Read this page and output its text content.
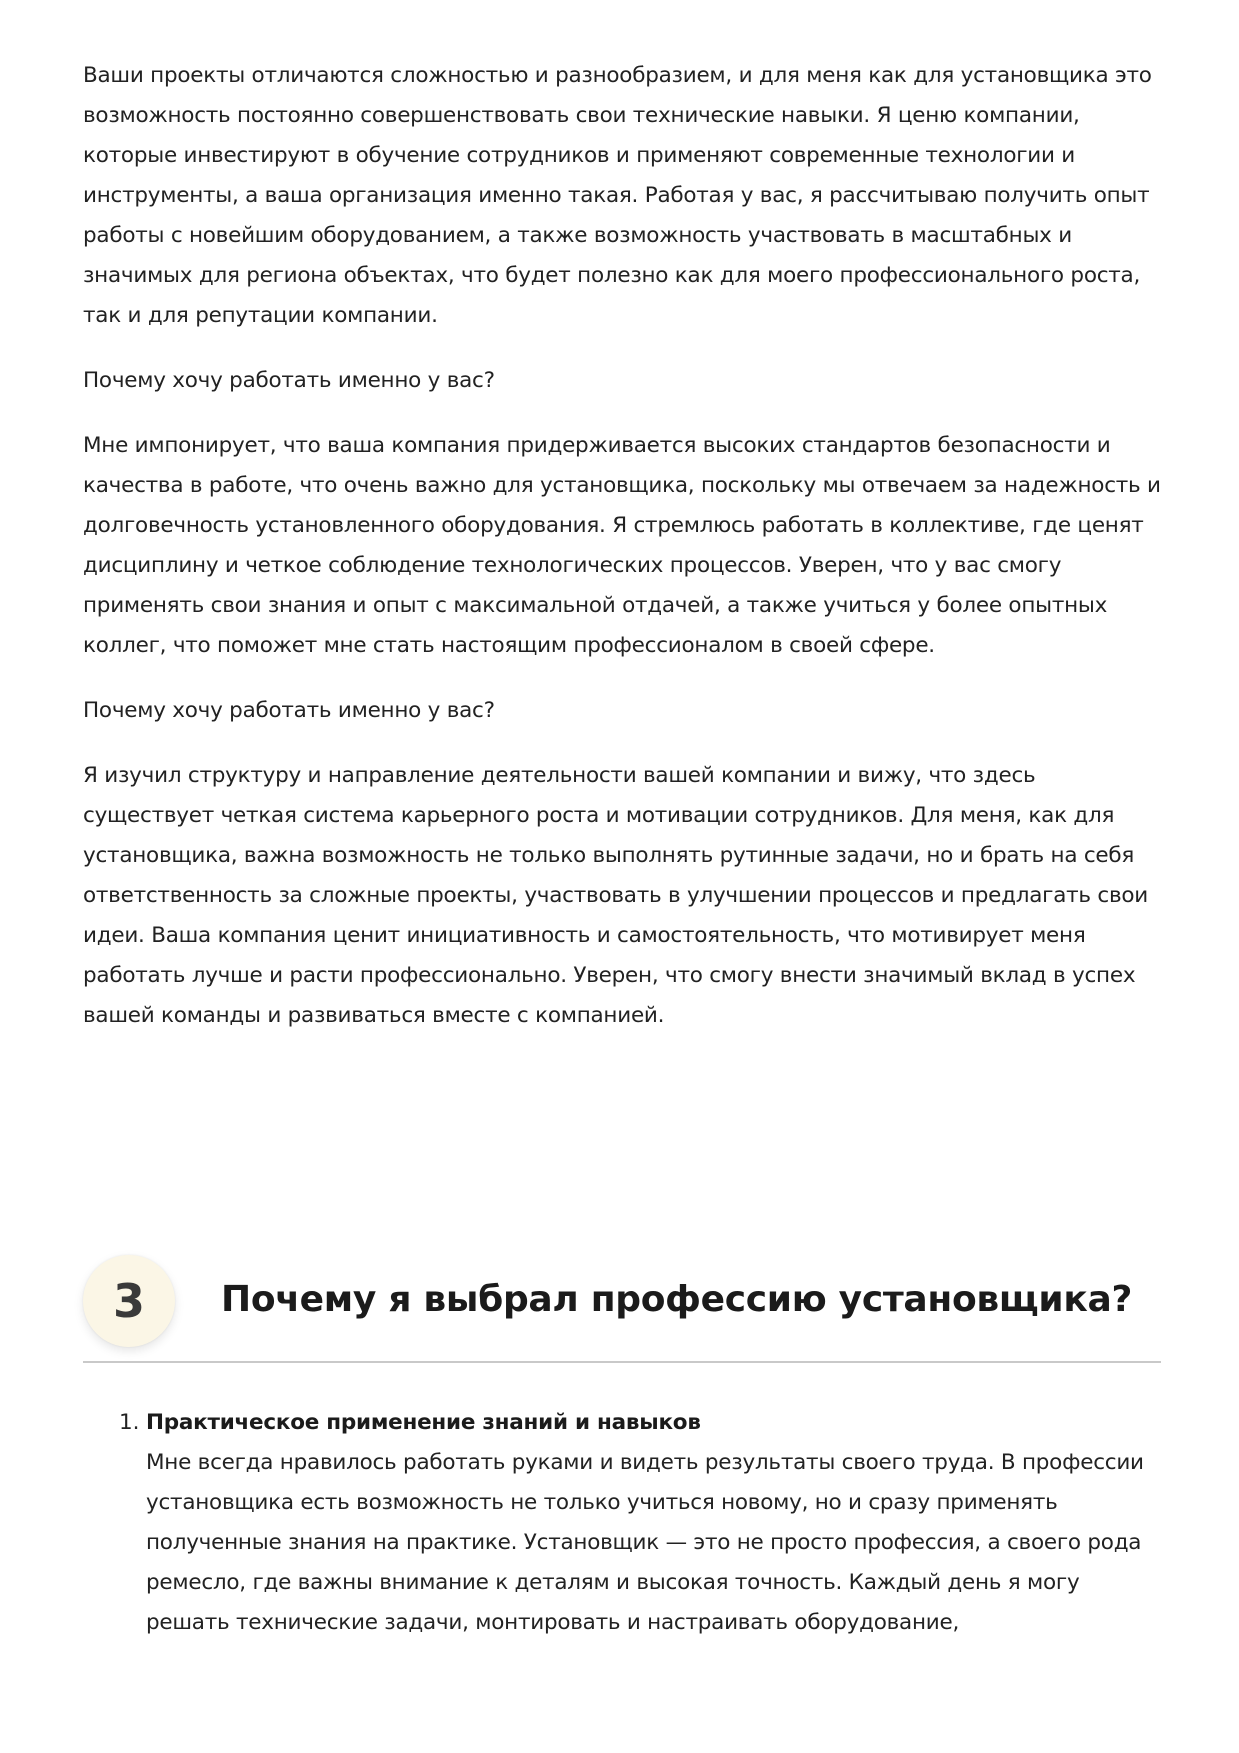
Ваши проекты отличаются сложностью и разнообразием, и для меня как для установщика это возможность постоянно совершенствовать свои технические навыки. Я ценю компании, которые инвестируют в обучение сотрудников и применяют современные технологии и инструменты, а ваша организация именно такая. Работая у вас, я рассчитываю получить опыт работы с новейшим оборудованием, а также возможность участвовать в масштабных и значимых для региона объектах, что будет полезно как для моего профессионального роста, так и для репутации компании.

Почему хочу работать именно у вас?

Мне импонирует, что ваша компания придерживается высоких стандартов безопасности и качества в работе, что очень важно для установщика, поскольку мы отвечаем за надежность и долговечность установленного оборудования. Я стремлюсь работать в коллективе, где ценят дисциплину и четкое соблюдение технологических процессов. Уверен, что у вас смогу применять свои знания и опыт с максимальной отдачей, а также учиться у более опытных коллег, что поможет мне стать настоящим профессионалом в своей сфере.

Почему хочу работать именно у вас?

Я изучил структуру и направление деятельности вашей компании и вижу, что здесь существует четкая система карьерного роста и мотивации сотрудников. Для меня, как для установщика, важна возможность не только выполнять рутинные задачи, но и брать на себя ответственность за сложные проекты, участвовать в улучшении процессов и предлагать свои идеи. Ваша компания ценит инициативность и самостоятельность, что мотивирует меня работать лучше и расти профессионально. Уверен, что смогу внести значимый вклад в успех вашей команды и развиваться вместе с компанией.

3	Почему я выбрал профессию установщика?
1. Практическое применение знаний и навыков

Мне всегда нравилось работать руками и видеть результаты своего труда. В профессии установщика есть возможность не только учиться новому, но и сразу применять полученные знания на практике. Установщик — это не просто профессия, а своего рода ремесло, где важны внимание к деталям и высокая точность. Каждый день я могу решать технические задачи, монтировать и настраивать оборудование,
